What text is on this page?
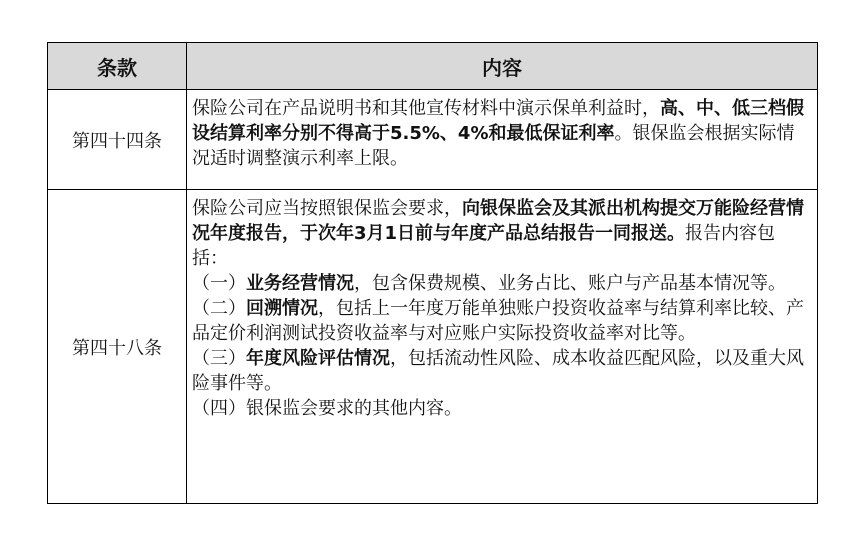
条款	内容
第四十四条	保险公司在产品说明书和其他宣传材料中演示保单利益时，高、中、低三档假设结算利率分别不得高于5.5%、4%和最低保证利率。银保监会根据实际情况适时调整演示利率上限。

第四十八条	保险公司应当按照银保监会要求，向银保监会及其派出机构提交万能险经营情况年度报告，于次年3月1日前与年度产品总结报告一同报送。报告内容包括：

（一）业务经营情况，包含保费规模、业务占比、账户与产品基本情况等。

（二）回溯情况，包括上一年度万能单独账户投资收益率与结算利率比较、产品定价利润测试投资收益率与对应账户实际投资收益率对比等。

（三）年度风险评估情况，包括流动性风险、成本收益匹配风险，以及重大风险事件等。

（四）银保监会要求的其他内容。
